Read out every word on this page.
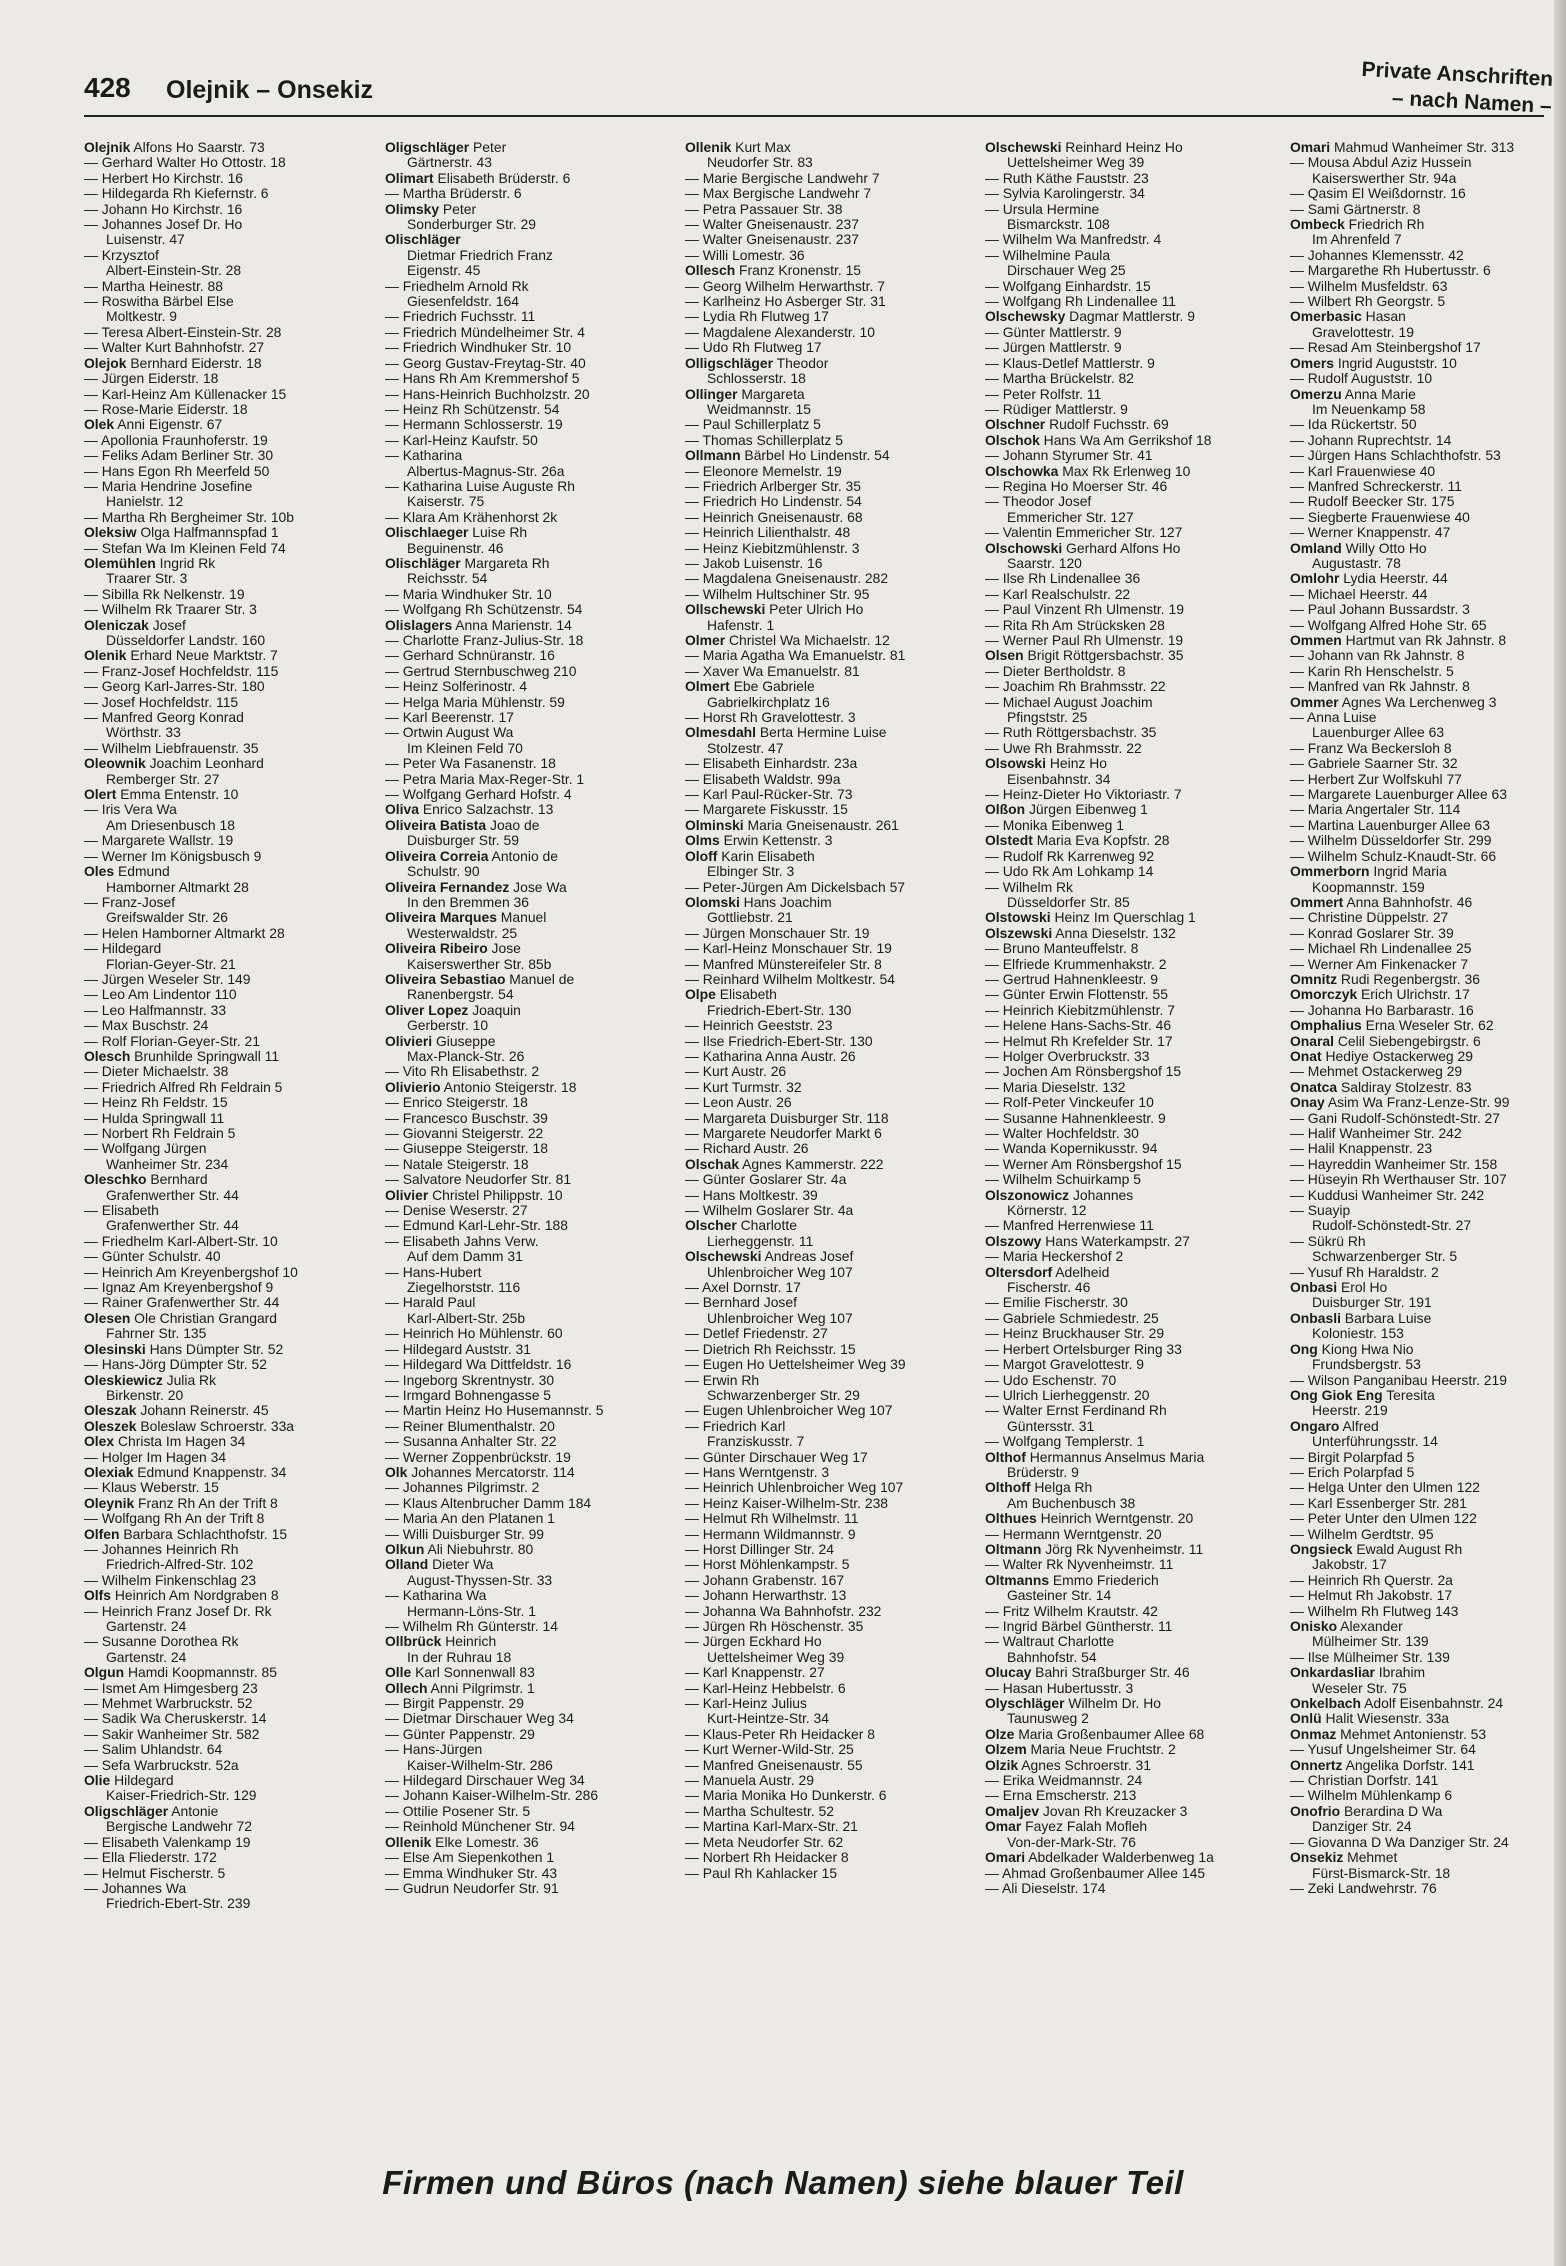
428 Olejnik – Onsekiz	Private Anschriften
– nach Namen –
Olejnik Alfons Ho Saarstr. 73
— Gerhard Walter Ho Ottostr. 18
— Herbert Ho Kirchstr. 16
— Hildegarda Rh Kiefernstr. 6
— Johann Ho Kirchstr. 16
— Johannes Josef Dr. Ho
Luisenstr. 47
— Krzysztof
Albert-Einstein-Str. 28
— Martha Heinestr. 88
— Roswitha Bärbel Else
Moltkestr. 9
— Teresa Albert-Einstein-Str. 28
— Walter Kurt Bahnhofstr. 27
Olejok Bernhard Eiderstr. 18
— Jürgen Eiderstr. 18
— Karl-Heinz Am Küllenacker 15
— Rose-Marie Eiderstr. 18
Olek Anni Eigenstr. 67
— Apollonia Fraunhoferstr. 19
— Feliks Adam Berliner Str. 30
— Hans Egon Rh Meerfeld 50
— Maria Hendrine Josefine
Hanielstr. 12
— Martha Rh Bergheimer Str. 10b
Oleksiw Olga Halfmannspfad 1
— Stefan Wa Im Kleinen Feld 74
Olemühlen Ingrid Rk
Traarer Str. 3
— Sibilla Rk Nelkenstr. 19
— Wilhelm Rk Traarer Str. 3
Oleniczak Josef
Düsseldorfer Landstr. 160
Olenik Erhard Neue Marktstr. 7
— Franz-Josef Hochfeldstr. 115
— Georg Karl-Jarres-Str. 180
— Josef Hochfeldstr. 115
— Manfred Georg Konrad
Wörthstr. 33
— Wilhelm Liebfrauenstr. 35
Oleownik Joachim Leonhard
Remberger Str. 27
Olert Emma Entenstr. 10
— Iris Vera Wa
Am Driesenbusch 18
— Margarete Wallstr. 19
— Werner Im Königsbusch 9
Oles Edmund
Hamborner Altmarkt 28
— Franz-Josef
Greifswalder Str. 26
— Helen Hamborner Altmarkt 28
— Hildegard
Florian-Geyer-Str. 21
— Jürgen Weseler Str. 149
— Leo Am Lindentor 110
— Leo Halfmannstr. 33
— Max Buschstr. 24
— Rolf Florian-Geyer-Str. 21
Olesch Brunhilde Springwall 11
— Dieter Michaelstr. 38
— Friedrich Alfred Rh Feldrain 5
— Heinz Rh Feldstr. 15
— Hulda Springwall 11
— Norbert Rh Feldrain 5
— Wolfgang Jürgen
Wanheimer Str. 234
Oleschko Bernhard
Grafenwerther Str. 44
— Elisabeth
Grafenwerther Str. 44
— Friedhelm Karl-Albert-Str. 10
— Günter Schulstr. 40
— Heinrich Am Kreyenbergshof 10
— Ignaz Am Kreyenbergshof 9
— Rainer Grafenwerther Str. 44
Olesen Ole Christian Grangard
Fahrner Str. 135
Olesinski Hans Dümpter Str. 52
— Hans-Jörg Dümpter Str. 52
Oleskiewicz Julia Rk
Birkenstr. 20
Oleszak Johann Reinerstr. 45
Oleszek Boleslaw Schroerstr. 33a
Olex Christa Im Hagen 34
— Holger Im Hagen 34
Olexiak Edmund Knappenstr. 34
— Klaus Weberstr. 15
Oleynik Franz Rh An der Trift 8
— Wolfgang Rh An der Trift 8
Olfen Barbara Schlachthofstr. 15
— Johannes Heinrich Rh
Friedrich-Alfred-Str. 102
— Wilhelm Finkenschlag 23
Olfs Heinrich Am Nordgraben 8
— Heinrich Franz Josef Dr. Rk
Gartenstr. 24
— Susanne Dorothea Rk
Gartenstr. 24
Olgun Hamdi Koopmannstr. 85
— Ismet Am Himgesberg 23
— Mehmet Warbruckstr. 52
— Sadik Wa Cheruskerstr. 14
— Sakir Wanheimer Str. 582
— Salim Uhlandstr. 64
— Sefa Warbruckstr. 52a
Olie Hildegard
Kaiser-Friedrich-Str. 129
Oligschläger Antonie
Bergische Landwehr 72
— Elisabeth Valenkamp 19
— Ella Fliederstr. 172
— Helmut Fischerstr. 5
— Johannes Wa
Friedrich-Ebert-Str. 239
Oligschläger Peter
Gärtnerstr. 43
Olimart Elisabeth Brüderstr. 6
— Martha Brüderstr. 6
Olimsky Peter
Sonderburger Str. 29
Olischläger
Dietmar Friedrich Franz
Eigenstr. 45
— Friedhelm Arnold Rk
Giesenfeldstr. 164
— Friedrich Fuchsstr. 11
— Friedrich Mündelheimer Str. 4
— Friedrich Windhuker Str. 10
— Georg Gustav-Freytag-Str. 40
— Hans Rh Am Kremmershof 5
— Hans-Heinrich Buchholzstr. 20
— Heinz Rh Schützenstr. 54
— Hermann Schlosserstr. 19
— Karl-Heinz Kaufstr. 50
— Katharina
Albertus-Magnus-Str. 26a
— Katharina Luise Auguste Rh
Kaiserstr. 75
— Klara Am Krähenhorst 2k
Olischlaeger Luise Rh
Beguinenstr. 46
Olischläger Margareta Rh
Reichsstr. 54
— Maria Windhuker Str. 10
— Wolfgang Rh Schützenstr. 54
Olislagers Anna Marienstr. 14
— Charlotte Franz-Julius-Str. 18
— Gerhard Schnüranstr. 16
— Gertrud Sternbuschweg 210
— Heinz Solferinostr. 4
— Helga Maria Mühlenstr. 59
— Karl Beerenstr. 17
— Ortwin August Wa
Im Kleinen Feld 70
— Peter Wa Fasanenstr. 18
— Petra Maria Max-Reger-Str. 1
— Wolfgang Gerhard Hofstr. 4
Oliva Enrico Salzachstr. 13
Oliveira Batista Joao de
Duisburger Str. 59
Oliveira Correia Antonio de
Schulstr. 90
Oliveira Fernandez Jose Wa
In den Bremmen 36
Oliveira Marques Manuel
Westerwaldstr. 25
Oliveira Ribeiro Jose
Kaiserswerther Str. 85b
Oliveira Sebastiao Manuel de
Ranenbergstr. 54
Oliver Lopez Joaquin
Gerberstr. 10
Olivieri Giuseppe
Max-Planck-Str. 26
— Vito Rh Elisabethstr. 2
Olivierio Antonio Steigerstr. 18
— Enrico Steigerstr. 18
— Francesco Buschstr. 39
— Giovanni Steigerstr. 22
— Giuseppe Steigerstr. 18
— Natale Steigerstr. 18
— Salvatore Neudorfer Str. 81
Olivier Christel Philippstr. 10
— Denise Weserstr. 27
— Edmund Karl-Lehr-Str. 188
— Elisabeth Jahns Verw.
Auf dem Damm 31
— Hans-Hubert
Ziegelhorststr. 116
— Harald Paul
Karl-Albert-Str. 25b
— Heinrich Ho Mühlenstr. 60
— Hildegard Auststr. 31
— Hildegard Wa Dittfeldstr. 16
— Ingeborg Skrentnystr. 30
— Irmgard Bohnengasse 5
— Martin Heinz Ho Husemannstr. 5
— Reiner Blumenthalstr. 20
— Susanna Anhalter Str. 22
— Werner Zoppenbrückstr. 19
Olk Johannes Mercatorstr. 114
— Johannes Pilgrimstr. 2
— Klaus Altenbrucher Damm 184
— Maria An den Platanen 1
— Willi Duisburger Str. 99
Olkun Ali Niebuhrstr. 80
Olland Dieter Wa
August-Thyssen-Str. 33
— Katharina Wa
Hermann-Löns-Str. 1
— Wilhelm Rh Günterstr. 14
Ollbrück Heinrich
In der Ruhrau 18
Olle Karl Sonnenwall 83
Ollech Anni Pilgrimstr. 1
— Birgit Pappenstr. 29
— Dietmar Dirschauer Weg 34
— Günter Pappenstr. 29
— Hans-Jürgen
Kaiser-Wilhelm-Str. 286
— Hildegard Dirschauer Weg 34
— Johann Kaiser-Wilhelm-Str. 286
— Ottilie Posener Str. 5
— Reinhold Münchener Str. 94
Ollenik Elke Lomestr. 36
— Else Am Siepenkothen 1
— Emma Windhuker Str. 43
— Gudrun Neudorfer Str. 91
Ollenik Kurt Max
Neudorfer Str. 83
— Marie Bergische Landwehr 7
— Max Bergische Landwehr 7
— Petra Passauer Str. 38
— Walter Gneisenaustr. 237
— Walter Gneisenaustr. 237
— Willi Lomestr. 36
Ollesch Franz Kronenstr. 15
— Georg Wilhelm Herwarthstr. 7
— Karlheinz Ho Asberger Str. 31
— Lydia Rh Flutweg 17
— Magdalene Alexanderstr. 10
— Udo Rh Flutweg 17
Olligschläger Theodor
Schlosserstr. 18
Ollinger Margareta
Weidmannstr. 15
— Paul Schillerplatz 5
— Thomas Schillerplatz 5
Ollmann Bärbel Ho Lindenstr. 54
— Eleonore Memelstr. 19
— Friedrich Arlberger Str. 35
— Friedrich Ho Lindenstr. 54
— Heinrich Gneisenaustr. 68
— Heinrich Lilienthalstr. 48
— Heinz Kiebitzmühlenstr. 3
— Jakob Luisenstr. 16
— Magdalena Gneisenaustr. 282
— Wilhelm Hultschiner Str. 95
Ollschewski Peter Ulrich Ho
Hafenstr. 1
Olmer Christel Wa Michaelstr. 12
— Maria Agatha Wa Emanuelstr. 81
— Xaver Wa Emanuelstr. 81
Olmert Ebe Gabriele
Gabrielkirchplatz 16
— Horst Rh Gravelottestr. 3
Olmesdahl Berta Hermine Luise
Stolzestr. 47
— Elisabeth Einhardstr. 23a
— Elisabeth Waldstr. 99a
— Karl Paul-Rücker-Str. 73
— Margarete Fiskusstr. 15
Olminski Maria Gneisenaustr. 261
Olms Erwin Kettenstr. 3
Oloff Karin Elisabeth
Elbinger Str. 3
— Peter-Jürgen Am Dickelsbach 57
Olomski Hans Joachim
Gottliebstr. 21
— Jürgen Monschauer Str. 19
— Karl-Heinz Monschauer Str. 19
— Manfred Münstereifeler Str. 8
— Reinhard Wilhelm Moltkestr. 54
Olpe Elisabeth
Friedrich-Ebert-Str. 130
— Heinrich Geeststr. 23
— Ilse Friedrich-Ebert-Str. 130
— Katharina Anna Austr. 26
— Kurt Austr. 26
— Kurt Turmstr. 32
— Leon Austr. 26
— Margareta Duisburger Str. 118
— Margarete Neudorfer Markt 6
— Richard Austr. 26
Olschak Agnes Kammerstr. 222
— Günter Goslarer Str. 4a
— Hans Moltkestr. 39
— Wilhelm Goslarer Str. 4a
Olscher Charlotte
Lierheggenstr. 11
Olschewski Andreas Josef
Uhlenbroicher Weg 107
— Axel Dornstr. 17
— Bernhard Josef
Uhlenbroicher Weg 107
— Detlef Friedenstr. 27
— Dietrich Rh Reichsstr. 15
— Eugen Ho Uettelsheimer Weg 39
— Erwin Rh
Schwarzenberger Str. 29
— Eugen Uhlenbroicher Weg 107
— Friedrich Karl
Franziskusstr. 7
— Günter Dirschauer Weg 17
— Hans Werntgenstr. 3
— Heinrich Uhlenbroicher Weg 107
— Heinz Kaiser-Wilhelm-Str. 238
— Helmut Rh Wilhelmstr. 11
— Hermann Wildmannstr. 9
— Horst Dillinger Str. 24
— Horst Möhlenkampstr. 5
— Johann Grabenstr. 167
— Johann Herwarthstr. 13
— Johanna Wa Bahnhofstr. 232
— Jürgen Rh Höschenstr. 35
— Jürgen Eckhard Ho
Uettelsheimer Weg 39
— Karl Knappenstr. 27
— Karl-Heinz Hebbelstr. 6
— Karl-Heinz Julius
Kurt-Heintze-Str. 34
— Klaus-Peter Rh Heidacker 8
— Kurt Werner-Wild-Str. 25
— Manfred Gneisenaustr. 55
— Manuela Austr. 29
— Maria Monika Ho Dunkerstr. 6
— Martha Schultestr. 52
— Martina Karl-Marx-Str. 21
— Meta Neudorfer Str. 62
— Norbert Rh Heidacker 8
— Paul Rh Kahlacker 15
Olschewski Reinhard Heinz Ho
Uettelsheimer Weg 39
— Ruth Käthe Fauststr. 23
— Sylvia Karolingerstr. 34
— Ursula Hermine
Bismarckstr. 108
— Wilhelm Wa Manfredstr. 4
— Wilhelmine Paula
Dirschauer Weg 25
— Wolfgang Einhardstr. 15
— Wolfgang Rh Lindenallee 11
Olschewsky Dagmar Mattlerstr. 9
— Günter Mattlerstr. 9
— Jürgen Mattlerstr. 9
— Klaus-Detlef Mattlerstr. 9
— Martha Brückelstr. 82
— Peter Rolfstr. 11
— Rüdiger Mattlerstr. 9
Olschner Rudolf Fuchsstr. 69
Olschok Hans Wa Am Gerrikshof 18
— Johann Styrumer Str. 41
Olschowka Max Rk Erlenweg 10
— Regina Ho Moerser Str. 46
— Theodor Josef
Emmericher Str. 127
— Valentin Emmericher Str. 127
Olschowski Gerhard Alfons Ho
Saarstr. 120
— Ilse Rh Lindenallee 36
— Karl Realschulstr. 22
— Paul Vinzent Rh Ulmenstr. 19
— Rita Rh Am Strücksken 28
— Werner Paul Rh Ulmenstr. 19
Olsen Brigit Röttgersbachstr. 35
— Dieter Bertholdstr. 8
— Joachim Rh Brahmsstr. 22
— Michael August Joachim
Pfingststr. 25
— Ruth Röttgersbachstr. 35
— Uwe Rh Brahmsstr. 22
Olsowski Heinz Ho
Eisenbahnstr. 34
— Heinz-Dieter Ho Viktoriastr. 7
Olßon Jürgen Eibenweg 1
— Monika Eibenweg 1
Olstedt Maria Eva Kopfstr. 28
— Rudolf Rk Karrenweg 92
— Udo Rk Am Lohkamp 14
— Wilhelm Rk
Düsseldorfer Str. 85
Olstowski Heinz Im Querschlag 1
Olszewski Anna Dieselstr. 132
— Bruno Manteuffelstr. 8
— Elfriede Krummenhakstr. 2
— Gertrud Hahnenkleestr. 9
— Günter Erwin Flottenstr. 55
— Heinrich Kiebitzmühlenstr. 7
— Helene Hans-Sachs-Str. 46
— Helmut Rh Krefelder Str. 17
— Holger Overbruckstr. 33
— Jochen Am Rönsbergshof 15
— Maria Dieselstr. 132
— Rolf-Peter Vinckeufer 10
— Susanne Hahnenkleestr. 9
— Walter Hochfeldstr. 30
— Wanda Kopernikusstr. 94
— Werner Am Rönsbergshof 15
— Wilhelm Schuirkamp 5
Olszonowicz Johannes
Körnerstr. 12
— Manfred Herrenwiese 11
Olszowy Hans Waterkampstr. 27
— Maria Heckershof 2
Oltersdorf Adelheid
Fischerstr. 46
— Emilie Fischerstr. 30
— Gabriele Schmiedestr. 25
— Heinz Bruckhauser Str. 29
— Herbert Ortelsburger Ring 33
— Margot Gravelottestr. 9
— Udo Eschenstr. 70
— Ulrich Lierheggenstr. 20
— Walter Ernst Ferdinand Rh
Güntersstr. 31
— Wolfgang Templerstr. 1
Olthof Hermannus Anselmus Maria
Brüderstr. 9
Olthoff Helga Rh
Am Buchenbusch 38
Olthues Heinrich Werntgenstr. 20
— Hermann Werntgenstr. 20
Oltmann Jörg Rk Nyvenheimstr. 11
— Walter Rk Nyvenheimstr. 11
Oltmanns Emmo Friederich
Gasteiner Str. 14
— Fritz Wilhelm Krautstr. 42
— Ingrid Bärbel Güntherstr. 11
— Waltraut Charlotte
Bahnhofstr. 54
Olucay Bahri Straßburger Str. 46
— Hasan Hubertusstr. 3
Olyschläger Wilhelm Dr. Ho
Taunusweg 2
Olze Maria Großenbaumer Allee 68
Olzem Maria Neue Fruchtstr. 2
Olzik Agnes Schroerstr. 31
— Erika Weidmannstr. 24
— Erna Emscherstr. 213
Omaljev Jovan Rh Kreuzacker 3
Omar Fayez Falah Mofleh
Von-der-Mark-Str. 76
Omari Abdelkader Walderbenweg 1a
— Ahmad Großenbaumer Allee 145
— Ali Dieselstr. 174
Omari Mahmud Wanheimer Str. 313
— Mousa Abdul Aziz Hussein
Kaiserswerther Str. 94a
— Qasim El Weißdornstr. 16
— Sami Gärtnerstr. 8
Ombeck Friedrich Rh
Im Ahrenfeld 7
— Johannes Klemensstr. 42
— Margarethe Rh Hubertusstr. 6
— Wilhelm Musfeldstr. 63
— Wilbert Rh Georgstr. 5
Omerbasic Hasan
Gravelottestr. 19
— Resad Am Steinbergshof 17
Omers Ingrid Auguststr. 10
— Rudolf Auguststr. 10
Omerzu Anna Marie
Im Neuenkamp 58
— Ida Rückertstr. 50
— Johann Ruprechtstr. 14
— Jürgen Hans Schlachthofstr. 53
— Karl Frauenwiese 40
— Manfred Schreckerstr. 11
— Rudolf Beecker Str. 175
— Siegberte Frauenwiese 40
— Werner Knappenstr. 47
Omland Willy Otto Ho
Augustastr. 78
Omlohr Lydia Heerstr. 44
— Michael Heerstr. 44
— Paul Johann Bussardstr. 3
— Wolfgang Alfred Hohe Str. 65
Ommen Hartmut van Rk Jahnstr. 8
— Johann van Rk Jahnstr. 8
— Karin Rh Henschelstr. 5
— Manfred van Rk Jahnstr. 8
Ommer Agnes Wa Lerchenweg 3
— Anna Luise
Lauenburger Allee 63
— Franz Wa Beckersloh 8
— Gabriele Saarner Str. 32
— Herbert Zur Wolfskuhl 77
— Margarete Lauenburger Allee 63
— Maria Angertaler Str. 114
— Martina Lauenburger Allee 63
— Wilhelm Düsseldorfer Str. 299
— Wilhelm Schulz-Knaudt-Str. 66
Ommerborn Ingrid Maria
Koopmannstr. 159
Ommert Anna Bahnhofstr. 46
— Christine Düppelstr. 27
— Konrad Goslarer Str. 39
— Michael Rh Lindenallee 25
— Werner Am Finkenacker 7
Omnitz Rudi Regenbergstr. 36
Omorczyk Erich Ulrichstr. 17
— Johanna Ho Barbarastr. 16
Omphalius Erna Weseler Str. 62
Onaral Celil Siebengebirgstr. 6
Onat Hediye Ostackerweg 29
— Mehmet Ostackerweg 29
Onatca Saldiray Stolzestr. 83
Onay Asim Wa Franz-Lenze-Str. 99
— Gani Rudolf-Schönstedt-Str. 27
— Halif Wanheimer Str. 242
— Halil Knappenstr. 23
— Hayreddin Wanheimer Str. 158
— Hüseyin Rh Werthauser Str. 107
— Kuddusi Wanheimer Str. 242
— Suayip
Rudolf-Schönstedt-Str. 27
— Sükrü Rh
Schwarzenberger Str. 5
— Yusuf Rh Haraldstr. 2
Onbasi Erol Ho
Duisburger Str. 191
Onbasli Barbara Luise
Koloniestr. 153
Ong Kiong Hwa Nio
Frundsbergstr. 53
— Wilson Panganibau Heerstr. 219
Ong Giok Eng Teresita
Heerstr. 219
Ongaro Alfred
Unterführungsstr. 14
— Birgit Polarpfad 5
— Erich Polarpfad 5
— Helga Unter den Ulmen 122
— Karl Essenberger Str. 281
— Peter Unter den Ulmen 122
— Wilhelm Gerdtstr. 95
Ongsieck Ewald August Rh
Jakobstr. 17
— Heinrich Rh Querstr. 2a
— Helmut Rh Jakobstr. 17
— Wilhelm Rh Flutweg 143
Onisko Alexander
Mülheimer Str. 139
— Ilse Mülheimer Str. 139
Onkardasliar Ibrahim
Weseler Str. 75
Onkelbach Adolf Eisenbahnstr. 24
Onlü Halit Wiesenstr. 33a
Onmaz Mehmet Antonienstr. 53
— Yusuf Ungelsheimer Str. 64
Onnertz Angelika Dorfstr. 141
— Christian Dorfstr. 141
— Wilhelm Mühlenkamp 6
Onofrio Berardina D Wa
Danziger Str. 24
— Giovanna D Wa Danziger Str. 24
Onsekiz Mehmet
Fürst-Bismarck-Str. 18
— Zeki Landwehrstr. 76
Firmen und Büros (nach Namen) siehe blauer Teil
